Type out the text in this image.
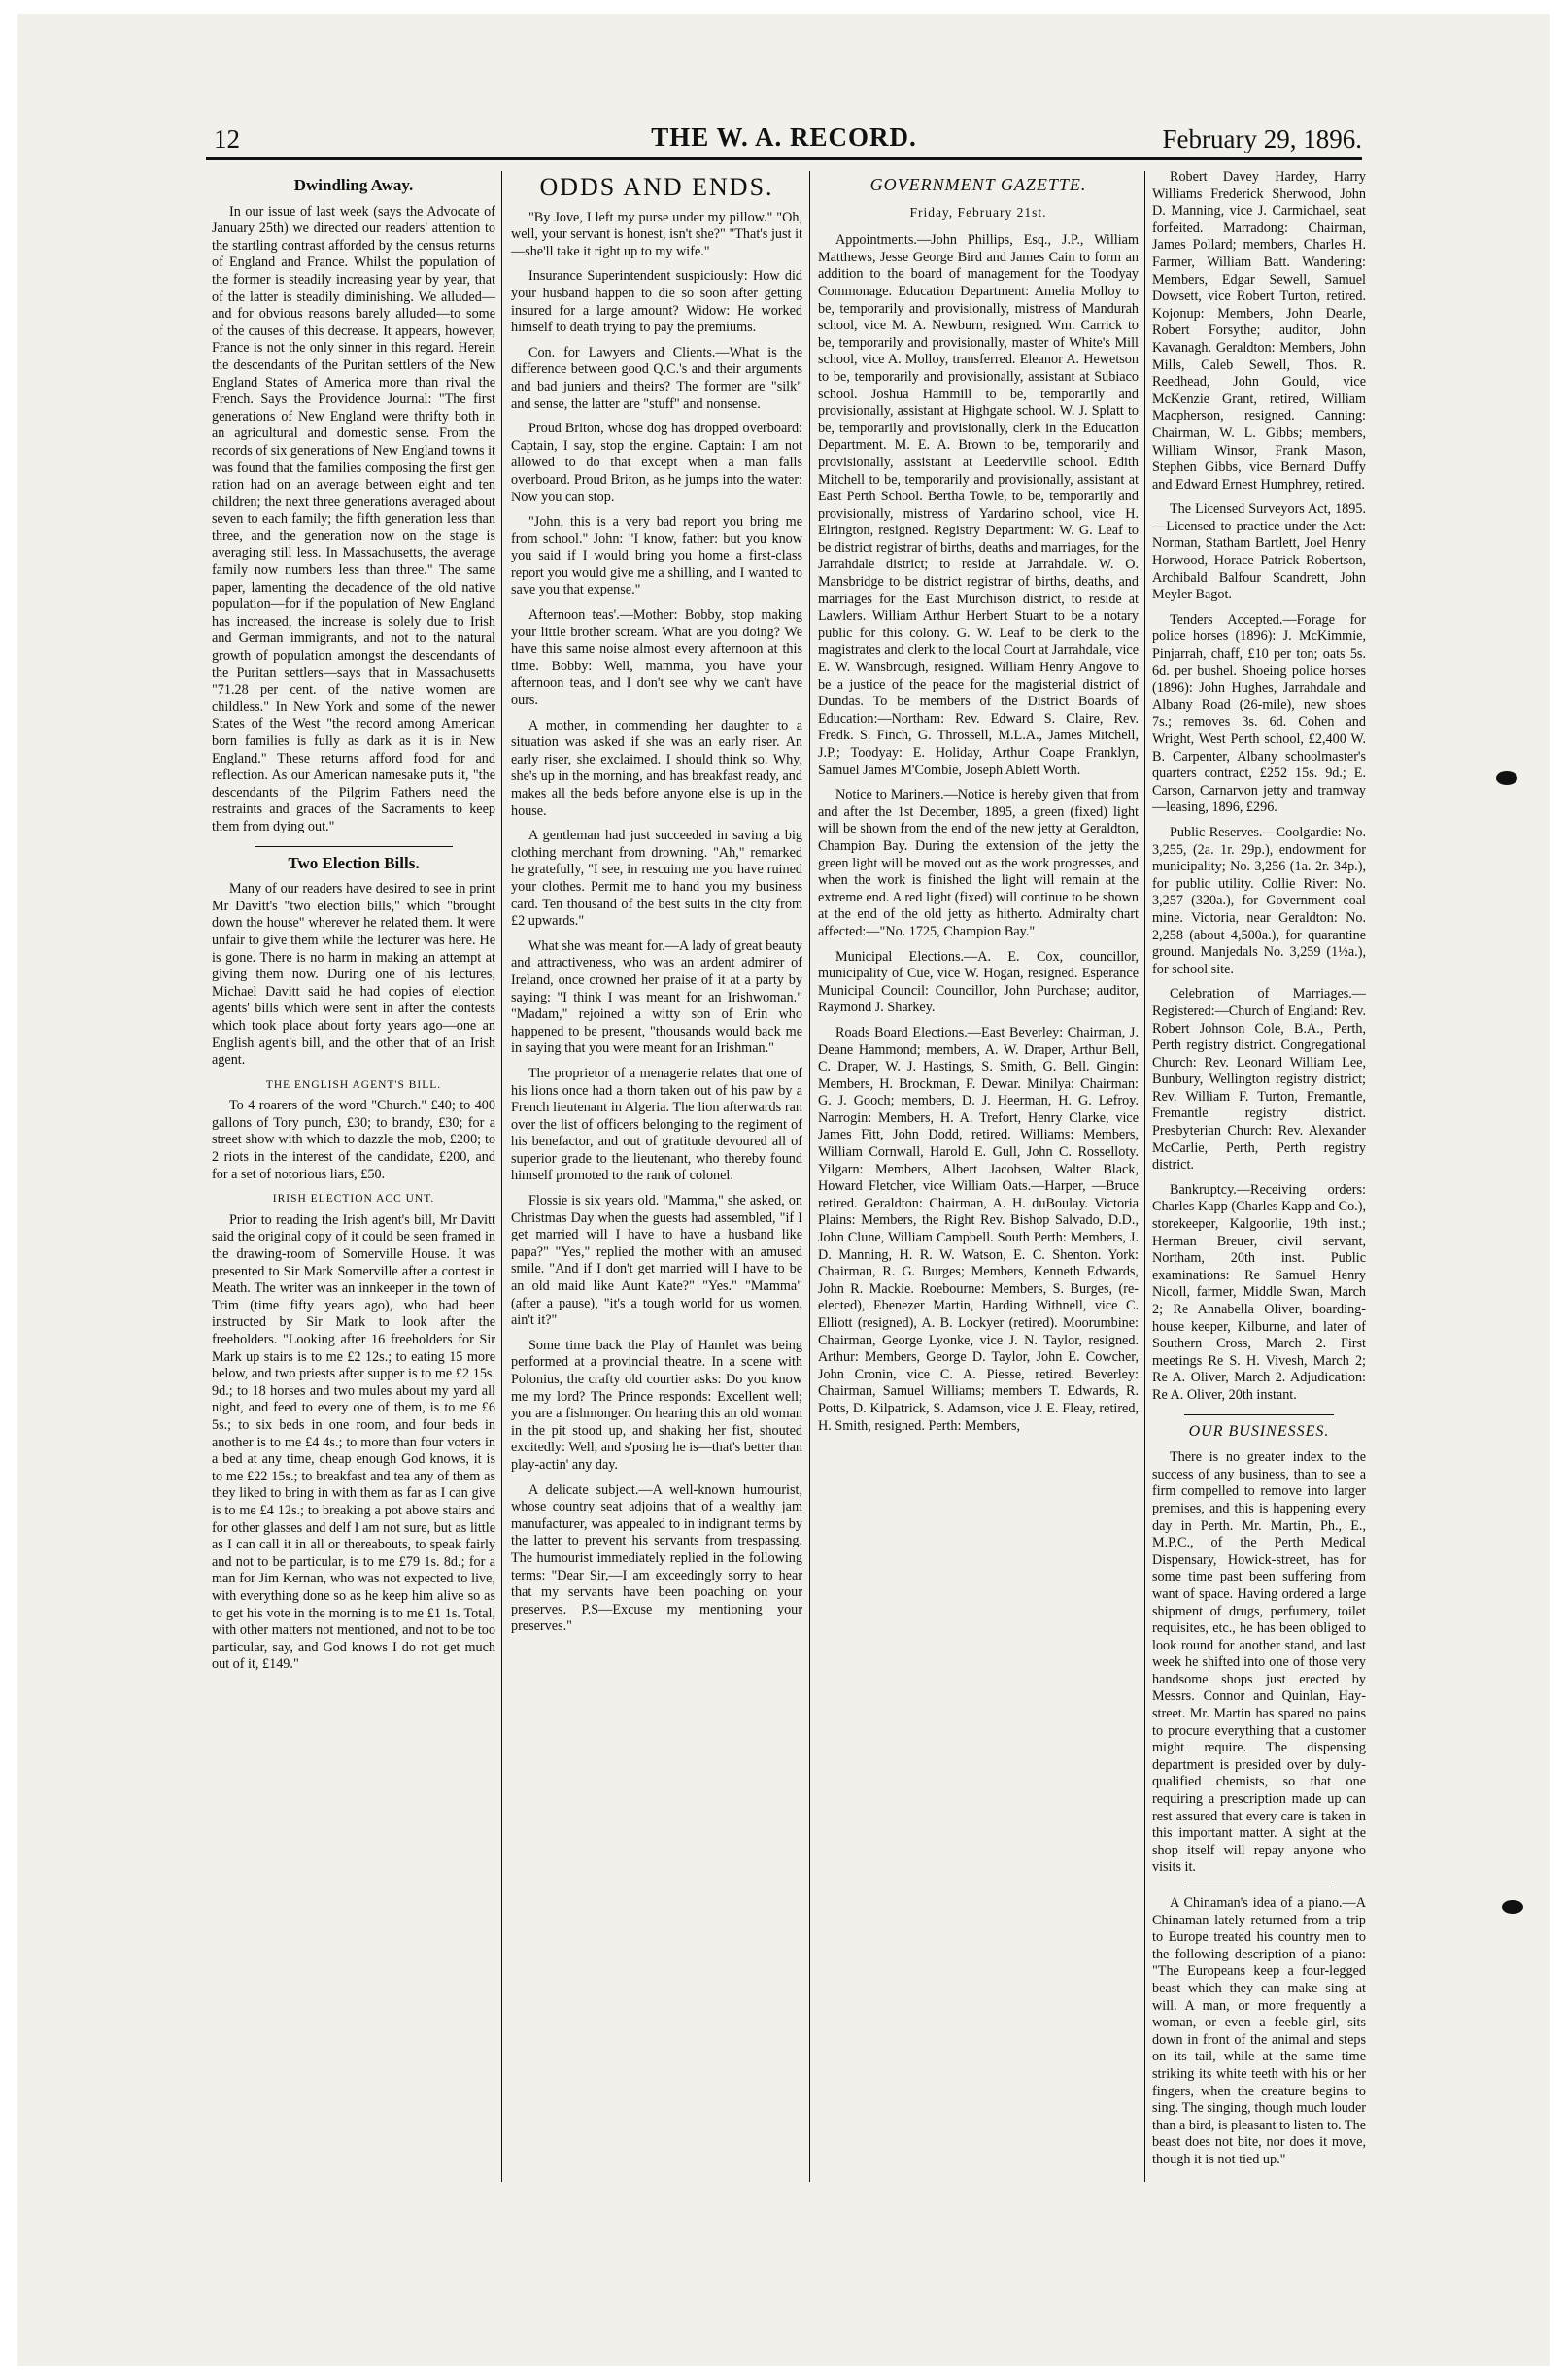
12	THE W. A. RECORD.	February 29, 1896.
Dwindling Away.

In our issue of last week (says the Advocate of January 25th) we directed our readers' attention to the startling contrast afforded by the census returns of England and France. Whilst the population of the former is steadily increasing year by year, that of the latter is steadily diminishing. We alluded—and for obvious reasons barely alluded—to some of the causes of this decrease. It appears, however, France is not the only sinner in this regard. Herein the descendants of the Puritan settlers of the New England States of America more than rival the French. Says the Providence Journal: "The first generations of New England were thrifty both in an agricultural and domestic sense. From the records of six generations of New England towns it was found that the families composing the first gen ration had on an average between eight and ten children; the next three generations averaged about seven to each family; the fifth generation less than three, and the generation now on the stage is averaging still less. In Massachusetts, the average family now numbers less than three." The same paper, lamenting the decadence of the old native population—for if the population of New England has increased, the increase is solely due to Irish and German immigrants, and not to the natural growth of population amongst the descendants of the Puritan settlers—says that in Massachusetts "71.28 per cent. of the native women are childless." In New York and some of the newer States of the West "the record among American born families is fully as dark as it is in New England." These returns afford food for and reflection. As our American namesake puts it, "the descendants of the Pilgrim Fathers need the restraints and graces of the Sacraments to keep them from dying out."

Two Election Bills.

Many of our readers have desired to see in print Mr Davitt's "two election bills," which "brought down the house" wherever he related them. It were unfair to give them while the lecturer was here. He is gone. There is no harm in making an attempt at giving them now. During one of his lectures, Michael Davitt said he had copies of election agents' bills which were sent in after the contests which took place about forty years ago—one an English agent's bill, and the other that of an Irish agent.

THE ENGLISH AGENT'S BILL.

To 4 roarers of the word "Church." £40; to 400 gallons of Tory punch, £30; to brandy, £30; for a street show with which to dazzle the mob, £200; to 2 riots in the interest of the candidate, £200, and for a set of notorious liars, £50.

IRISH ELECTION ACC UNT.

Prior to reading the Irish agent's bill, Mr Davitt said the original copy of it could be seen framed in the drawing-room of Somerville House. It was presented to Sir Mark Somerville after a contest in Meath. The writer was an innkeeper in the town of Trim (time fifty years ago), who had been instructed by Sir Mark to look after the freeholders. "Looking after 16 freeholders for Sir Mark up stairs is to me £2 12s.; to eating 15 more below, and two priests after supper is to me £2 15s. 9d.; to 18 horses and two mules about my yard all night, and feed to every one of them, is to me £6 5s.; to six beds in one room, and four beds in another is to me £4 4s.; to more than four voters in a bed at any time, cheap enough God knows, it is to me £22 15s.; to breakfast and tea any of them as they liked to bring in with them as far as I can give is to me £4 12s.; to breaking a pot above stairs and for other glasses and delf I am not sure, but as little as I can call it in all or thereabouts, to speak fairly and not to be particular, is to me £79 1s. 8d.; for a man for Jim Kernan, who was not expected to live, with everything done so as he keep him alive so as to get his vote in the morning is to me £1 1s. Total, with other matters not mentioned, and not to be too particular, say, and God knows I do not get much out of it, £149."

ODDS AND ENDS.

"By Jove, I left my purse under my pillow." "Oh, well, your servant is honest, isn't she?" "That's just it—she'll take it right up to my wife."

Insurance Superintendent suspiciously: How did your husband happen to die so soon after getting insured for a large amount? Widow: He worked himself to death trying to pay the premiums.

Con. for Lawyers and Clients.—What is the difference between good Q.C.'s and their arguments and bad juniers and theirs? The former are "silk" and sense, the latter are "stuff" and nonsense.

Proud Briton, whose dog has dropped overboard: Captain, I say, stop the engine. Captain: I am not allowed to do that except when a man falls overboard. Proud Briton, as he jumps into the water: Now you can stop.

"John, this is a very bad report you bring me from school." John: "I know, father: but you know you said if I would bring you home a first-class report you would give me a shilling, and I wanted to save you that expense."

Afternoon teas'.—Mother: Bobby, stop making your little brother scream. What are you doing? We have this same noise almost every afternoon at this time. Bobby: Well, mamma, you have your afternoon teas, and I don't see why we can't have ours.

A mother, in commending her daughter to a situation was asked if she was an early riser. An early riser, she exclaimed. I should think so. Why, she's up in the morning, and has breakfast ready, and makes all the beds before anyone else is up in the house.

A gentleman had just succeeded in saving a big clothing merchant from drowning. "Ah," remarked he gratefully, "I see, in rescuing me you have ruined your clothes. Permit me to hand you my business card. Ten thousand of the best suits in the city from £2 upwards."

What she was meant for.—A lady of great beauty and attractiveness, who was an ardent admirer of Ireland, once crowned her praise of it at a party by saying: "I think I was meant for an Irishwoman." "Madam," rejoined a witty son of Erin who happened to be present, "thousands would back me in saying that you were meant for an Irishman."

The proprietor of a menagerie relates that one of his lions once had a thorn taken out of his paw by a French lieutenant in Algeria. The lion afterwards ran over the list of officers belonging to the regiment of his benefactor, and out of gratitude devoured all of superior grade to the lieutenant, who thereby found himself promoted to the rank of colonel.

Flossie is six years old. "Mamma," she asked, on Christmas Day when the guests had assembled, "if I get married will I have to have a husband like papa?" "Yes," replied the mother with an amused smile. "And if I don't get married will I have to be an old maid like Aunt Kate?" "Yes." "Mamma" (after a pause), "it's a tough world for us women, ain't it?"

Some time back the Play of Hamlet was being performed at a provincial theatre. In a scene with Polonius, the crafty old courtier asks: Do you know me my lord? The Prince responds: Excellent well; you are a fishmonger. On hearing this an old woman in the pit stood up, and shaking her fist, shouted excitedly: Well, and s'posing he is—that's better than play-actin' any day.

A delicate subject.—A well-known humourist, whose country seat adjoins that of a wealthy jam manufacturer, was appealed to in indignant terms by the latter to prevent his servants from trespassing. The humourist immediately replied in the following terms: "Dear Sir,—I am exceedingly sorry to hear that my servants have been poaching on your preserves. P.S—Excuse my mentioning your preserves."

GOVERNMENT GAZETTE.
Friday, February 21st.

Appointments.—John Phillips, Esq., J.P., William Matthews, Jesse George Bird and James Cain to form an addition to the board of management for the Toodyay Commonage. Education Department: Amelia Molloy to be, temporarily and provisionally, mistress of Mandurah school, vice M. A. Newburn, resigned. Wm. Carrick to be, temporarily and provisionally, master of White's Mill school, vice A. Molloy, transferred. Eleanor A. Hewetson to be, temporarily and provisionally, assistant at Subiaco school. Joshua Hammill to be, temporarily and provisionally, assistant at Highgate school. W. J. Splatt to be, temporarily and provisionally, clerk in the Education Department. M. E. A. Brown to be, temporarily and provisionally, assistant at Leederville school. Edith Mitchell to be, temporarily and provisionally, assistant at East Perth School. Bertha Towle, to be, temporarily and provisionally, mistress of Yardarino school, vice H. Elrington, resigned. Registry Department: W. G. Leaf to be district registrar of births, deaths and marriages, for the Jarrahdale district; to reside at Jarrahdale. W. O. Mansbridge to be district registrar of births, deaths, and marriages for the East Murchison district, to reside at Lawlers. William Arthur Herbert Stuart to be a notary public for this colony. G. W. Leaf to be clerk to the magistrates and clerk to the local Court at Jarrahdale, vice E. W. Wansbrough, resigned. William Henry Angove to be a justice of the peace for the magisterial district of Dundas. To be members of the District Boards of Education:—Northam: Rev. Edward S. Claire, Rev. Fredk. S. Finch, G. Throssell, M.L.A., James Mitchell, J.P.; Toodyay: E. Holiday, Arthur Coape Franklyn, Samuel James M'Combie, Joseph Ablett Worth.

Notice to Mariners.—Notice is hereby given that from and after the 1st December, 1895, a green (fixed) light will be shown from the end of the new jetty at Geraldton, Champion Bay. During the extension of the jetty the green light will be moved out as the work progresses, and when the work is finished the light will remain at the extreme end. A red light (fixed) will continue to be shown at the end of the old jetty as hitherto. Admiralty chart affected:—"No. 1725, Champion Bay."

Municipal Elections.—A. E. Cox, councillor, municipality of Cue, vice W. Hogan, resigned. Esperance Municipal Council: Councillor, John Purchase; auditor, Raymond J. Sharkey.

Roads Board Elections.—East Beverley: Chairman, J. Deane Hammond; members, A. W. Draper, Arthur Bell, C. Draper, W. J. Hastings, S. Smith, G. Bell. Gingin: Members, H. Brockman, F. Dewar. Minilya: Chairman: G. J. Gooch; members, D. J. Heerman, H. G. Lefroy. Narrogin: Members, H. A. Trefort, Henry Clarke, vice James Fitt, John Dodd, retired. Williams: Members, William Cornwall, Harold E. Gull, John C. Rosselloty. Yilgarn: Members, Albert Jacobsen, Walter Black, Howard Fletcher, vice William Oats.—Harper, —Bruce retired. Geraldton: Chairman, A. H. duBoulay. Victoria Plains: Members, the Right Rev. Bishop Salvado, D.D., John Clune, William Campbell. South Perth: Members, J. D. Manning, H. R. W. Watson, E. C. Shenton. York: Chairman, R. G. Burges; Members, Kenneth Edwards, John R. Mackie. Roebourne: Members, S. Burges, (re-elected), Ebenezer Martin, Harding Withnell, vice C. Elliott (resigned), A. B. Lockyer (retired). Moorumbine: Chairman, George Lyonke, vice J. N. Taylor, resigned. Arthur: Members, George D. Taylor, John E. Cowcher, John Cronin, vice C. A. Piesse, retired. Beverley: Chairman, Samuel Williams; members T. Edwards, R. Potts, D. Kilpatrick, S. Adamson, vice J. E. Fleay, retired, H. Smith, resigned. Perth: Members,

Robert Davey Hardey, Harry Williams Frederick Sherwood, John D. Manning, vice J. Carmichael, seat forfeited. Marradong: Chairman, James Pollard; members, Charles H. Farmer, William Batt. Wandering: Members, Edgar Sewell, Samuel Dowsett, vice Robert Turton, retired. Kojonup: Members, John Dearle, Robert Forsythe; auditor, John Kavanagh. Geraldton: Members, John Mills, Caleb Sewell, Thos. R. Reedhead, John Gould, vice McKenzie Grant, retired, William Macpherson, resigned. Canning: Chairman, W. L. Gibbs; members, William Winsor, Frank Mason, Stephen Gibbs, vice Bernard Duffy and Edward Ernest Humphrey, retired.

The Licensed Surveyors Act, 1895.—Licensed to practice under the Act: Norman, Statham Bartlett, Joel Henry Horwood, Horace Patrick Robertson, Archibald Balfour Scandrett, John Meyler Bagot.

Tenders Accepted.—Forage for police horses (1896): J. McKimmie, Pinjarrah, chaff, £10 per ton; oats 5s. 6d. per bushel. Shoeing police horses (1896): John Hughes, Jarrahdale and Albany Road (26-mile), new shoes 7s.; removes 3s. 6d. Cohen and Wright, West Perth school, £2,400 W. B. Carpenter, Albany schoolmaster's quarters contract, £252 15s. 9d.; E. Carson, Carnarvon jetty and tramway—leasing, 1896, £296.

Public Reserves.—Coolgardie: No. 3,255, (2a. 1r. 29p.), endowment for municipality; No. 3,256 (1a. 2r. 34p.), for public utility. Collie River: No. 3,257 (320a.), for Government coal mine. Victoria, near Geraldton: No. 2,258 (about 4,500a.), for quarantine ground. Manjedals No. 3,259 (1½a.), for school site.

Celebration of Marriages.—Registered:—Church of England: Rev. Robert Johnson Cole, B.A., Perth, Perth registry district. Congregational Church: Rev. Leonard William Lee, Bunbury, Wellington registry district; Rev. William F. Turton, Fremantle, Fremantle registry district. Presbyterian Church: Rev. Alexander McCarlie, Perth, Perth registry district.

Bankruptcy.—Receiving orders: Charles Kapp (Charles Kapp and Co.), storekeeper, Kalgoorlie, 19th inst.; Herman Breuer, civil servant, Northam, 20th inst. Public examinations: Re Samuel Henry Nicoll, farmer, Middle Swan, March 2; Re Annabella Oliver, boarding-house keeper, Kilburne, and later of Southern Cross, March 2. First meetings Re S. H. Vivesh, March 2; Re A. Oliver, March 2. Adjudication: Re A. Oliver, 20th instant.

OUR BUSINESSES.

There is no greater index to the success of any business, than to see a firm compelled to remove into larger premises, and this is happening every day in Perth. Mr. Martin, Ph., E., M.P.C., of the Perth Medical Dispensary, Howick-street, has for some time past been suffering from want of space. Having ordered a large shipment of drugs, perfumery, toilet requisites, etc., he has been obliged to look round for another stand, and last week he shifted into one of those very handsome shops just erected by Messrs. Connor and Quinlan, Hay-street. Mr. Martin has spared no pains to procure everything that a customer might require. The dispensing department is presided over by duly-qualified chemists, so that one requiring a prescription made up can rest assured that every care is taken in this important matter. A sight at the shop itself will repay anyone who visits it.

A Chinaman's idea of a piano.—A Chinaman lately returned from a trip to Europe treated his country men to the following description of a piano: "The Europeans keep a four-legged beast which they can make sing at will. A man, or more frequently a woman, or even a feeble girl, sits down in front of the animal and steps on its tail, while at the same time striking its white teeth with his or her fingers, when the creature begins to sing. The singing, though much louder than a bird, is pleasant to listen to. The beast does not bite, nor does it move, though it is not tied up."
